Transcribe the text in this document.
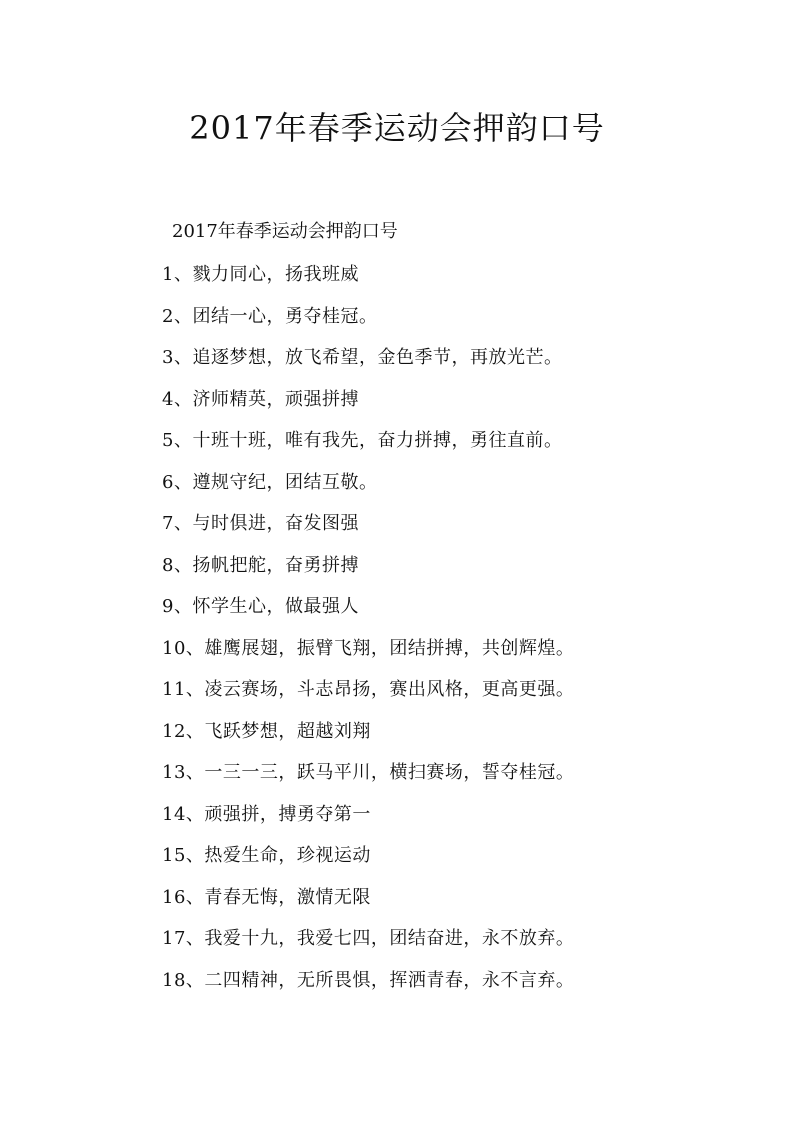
2017年春季运动会押韵口号

2017年春季运动会押韵口号

1、戮力同心，扬我班威
2、团结一心，勇夺桂冠。
3、追逐梦想，放飞希望，金色季节，再放光芒。
4、济师精英，顽强拼搏
5、十班十班，唯有我先，奋力拼搏，勇往直前。
6、遵规守纪，团结互敬。
7、与时俱进，奋发图强
8、扬帆把舵，奋勇拼搏
9、怀学生心，做最强人
10、雄鹰展翅，振臂飞翔，团结拼搏，共创辉煌。
11、凌云赛场，斗志昂扬，赛出风格，更高更强。
12、飞跃梦想，超越刘翔
13、一三一三，跃马平川，横扫赛场，誓夺桂冠。
14、顽强拼，搏勇夺第一
15、热爱生命，珍视运动
16、青春无悔，激情无限
17、我爱十九，我爱七四，团结奋进，永不放弃。
18、二四精神，无所畏惧，挥洒青春，永不言弃。
